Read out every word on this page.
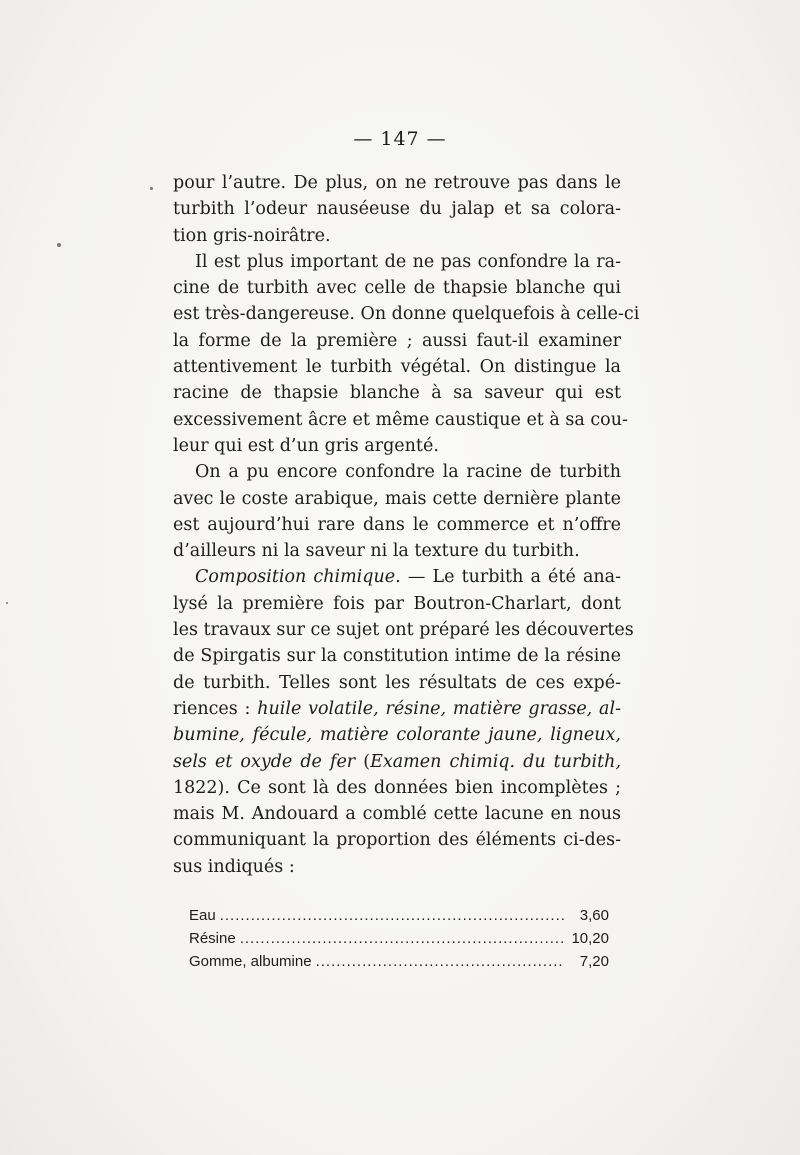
— 147 —

pour l’autre. De plus, on ne retrouve pas dans le
turbith l’odeur nauséeuse du jalap et sa colora-
tion gris-noirâtre.

Il est plus important de ne pas confondre la ra-
cine de turbith avec celle de thapsie blanche qui
est très-dangereuse. On donne quelquefois à celle-ci
la forme de la première ; aussi faut-il examiner
attentivement le turbith végétal. On distingue la
racine de thapsie blanche à sa saveur qui est
excessivement âcre et même caustique et à sa cou-
leur qui est d’un gris argenté.

On a pu encore confondre la racine de turbith
avec le coste arabique, mais cette dernière plante
est aujourd’hui rare dans le commerce et n’offre
d’ailleurs ni la saveur ni la texture du turbith.

Composition chimique. — Le turbith a été ana-
lysé la première fois par Boutron-Charlart, dont
les travaux sur ce sujet ont préparé les découvertes
de Spirgatis sur la constitution intime de la résine
de turbith. Telles sont les résultats de ces expé-
riences : huile volatile, résine, matière grasse, al-
bumine, fécule, matière colorante jaune, ligneux,
sels et oxyde de fer (Examen chimiq. du turbith,
1822). Ce sont là des données bien incomplètes ;
mais M. Andouard a comblé cette lacune en nous
communiquant la proportion des éléments ci-des-
sus indiqués :

Eau .....	3,60
Résine .....	10,20
Gomme, albumine .....	7,20
